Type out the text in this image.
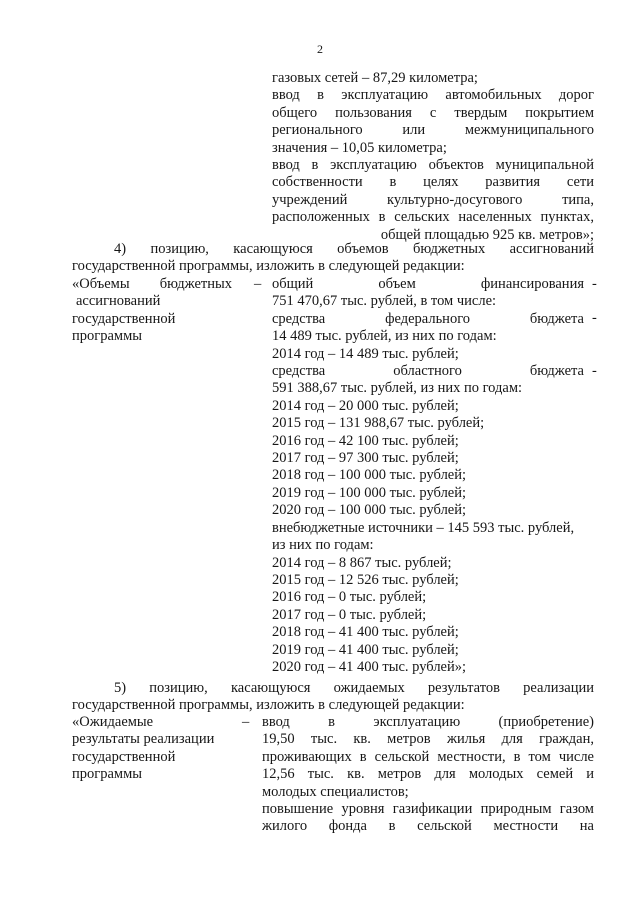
2
газовых сетей – 87,29 километра;
ввод в эксплуатацию автомобильных дорог
общего пользования с твердым покрытием
регионального или межмуниципального
значения – 10,05 километра;
ввод в эксплуатацию объектов муниципальной
собственности в целях развития сети
учреждений культурно-досугового типа,
расположенных в сельских населенных пунктах,
общей площадью 925 кв. метров»;
4) позицию, касающуюся объемов бюджетных ассигнований
государственной программы, изложить в следующей редакции:
«Объемы бюджетных
ассигнований
государственной
программы
– общий объем финансирования
751 470,67 тыс. рублей, в том числе:
средства федерального бюджета
14 489 тыс. рублей, из них по годам:
2014 год – 14 489 тыс. рублей;
средства областного бюджета
591 388,67 тыс. рублей, из них по годам:
2014 год – 20 000 тыс. рублей;
2015 год – 131 988,67 тыс. рублей;
2016 год – 42 100 тыс. рублей;
2017 год – 97 300 тыс. рублей;
2018 год – 100 000 тыс. рублей;
2019 год – 100 000 тыс. рублей;
2020 год – 100 000 тыс. рублей;
внебюджетные источники – 145 593 тыс. рублей,
из них по годам:
2014 год – 8 867 тыс. рублей;
2015 год – 12 526 тыс. рублей;
2016 год – 0 тыс. рублей;
2017 год – 0 тыс. рублей;
2018 год – 41 400 тыс. рублей;
2019 год – 41 400 тыс. рублей;
2020 год – 41 400 тыс. рублей»;
-
-
-
5) позицию, касающуюся ожидаемых результатов реализации
государственной программы, изложить в следующей редакции:
«Ожидаемые
результаты реализации
государственной
программы
– ввод в эксплуатацию (приобретение)
19,50 тыс. кв. метров жилья для граждан,
проживающих в сельской местности, в том числе
12,56 тыс. кв. метров для молодых семей и
молодых специалистов;
повышение уровня газификации природным газом
жилого фонда в сельской местности на
